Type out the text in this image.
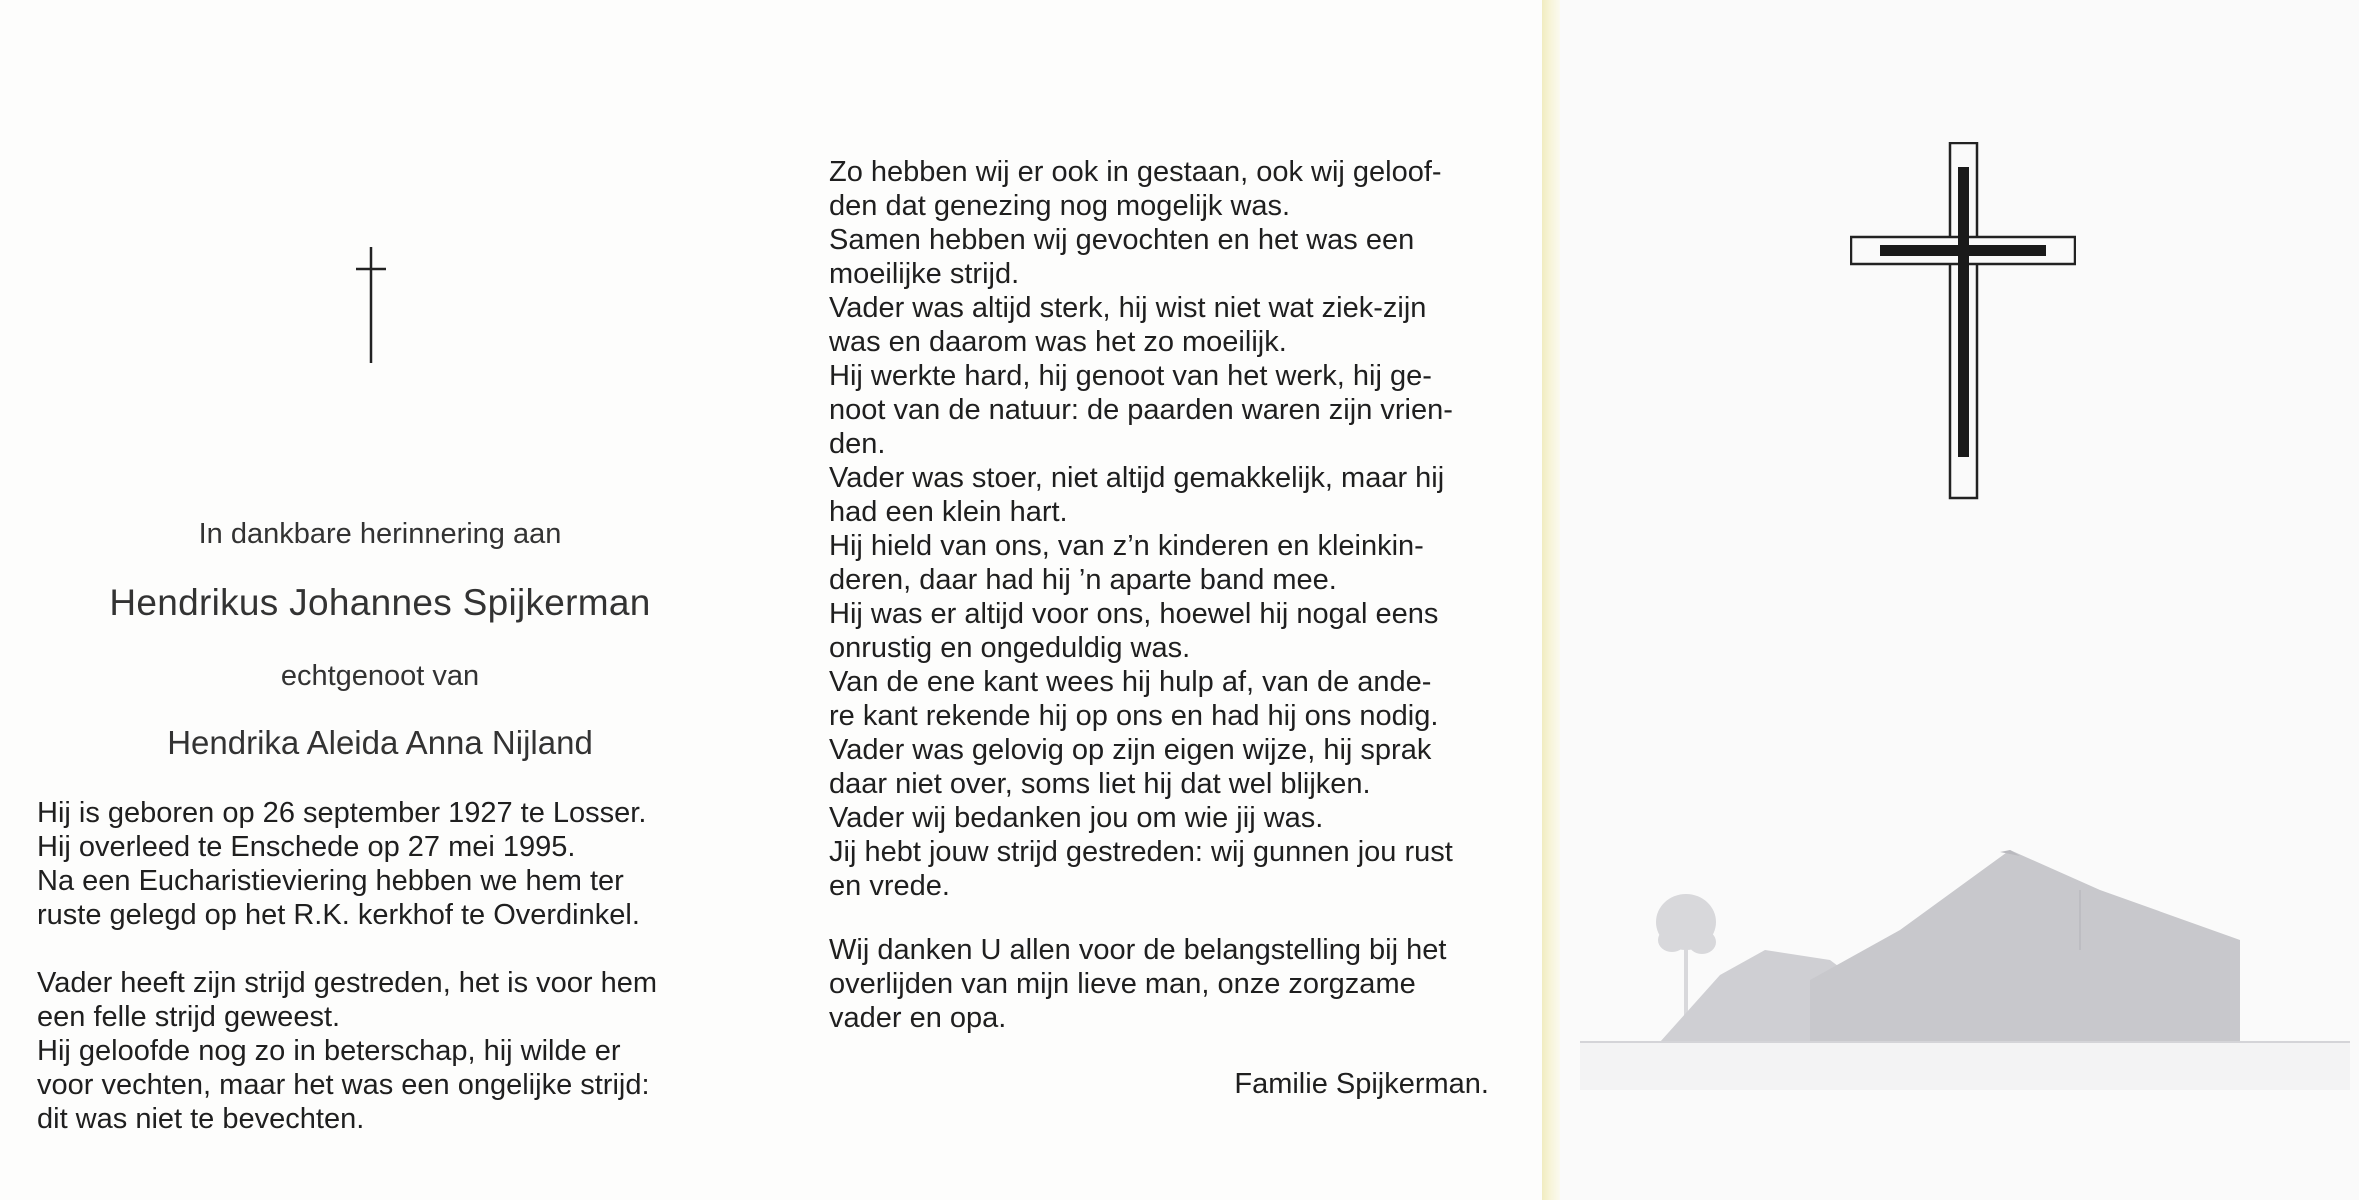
In dankbare herinnering aan
Hendrikus Johannes Spijkerman
echtgenoot van
Hendrika Aleida Anna Nijland
Hij is geboren op 26 september 1927 te Losser.
Hij overleed te Enschede op 27 mei 1995.
Na een Eucharistieviering hebben we hem ter
ruste gelegd op het R.K. kerkhof te Overdinkel.
Vader heeft zijn strijd gestreden, het is voor hem
een felle strijd geweest.
Hij geloofde nog zo in beterschap, hij wilde er
voor vechten, maar het was een ongelijke strijd:
dit was niet te bevechten.
Zo hebben wij er ook in gestaan, ook wij geloof-
den dat genezing nog mogelijk was.
Samen hebben wij gevochten en het was een
moeilijke strijd.
Vader was altijd sterk, hij wist niet wat ziek-zijn
was en daarom was het zo moeilijk.
Hij werkte hard, hij genoot van het werk, hij ge-
noot van de natuur: de paarden waren zijn vrien-
den.
Vader was stoer, niet altijd gemakkelijk, maar hij
had een klein hart.
Hij hield van ons, van z’n kinderen en kleinkin-
deren, daar had hij ’n aparte band mee.
Hij was er altijd voor ons, hoewel hij nogal eens
onrustig en ongeduldig was.
Van de ene kant wees hij hulp af, van de ande-
re kant rekende hij op ons en had hij ons nodig.
Vader was gelovig op zijn eigen wijze, hij sprak
daar niet over, soms liet hij dat wel blijken.
Vader wij bedanken jou om wie jij was.
Jij hebt jouw strijd gestreden: wij gunnen jou rust
en vrede.
Wij danken U allen voor de belangstelling bij het
overlijden van mijn lieve man, onze zorgzame
vader en opa.
Familie Spijkerman.
